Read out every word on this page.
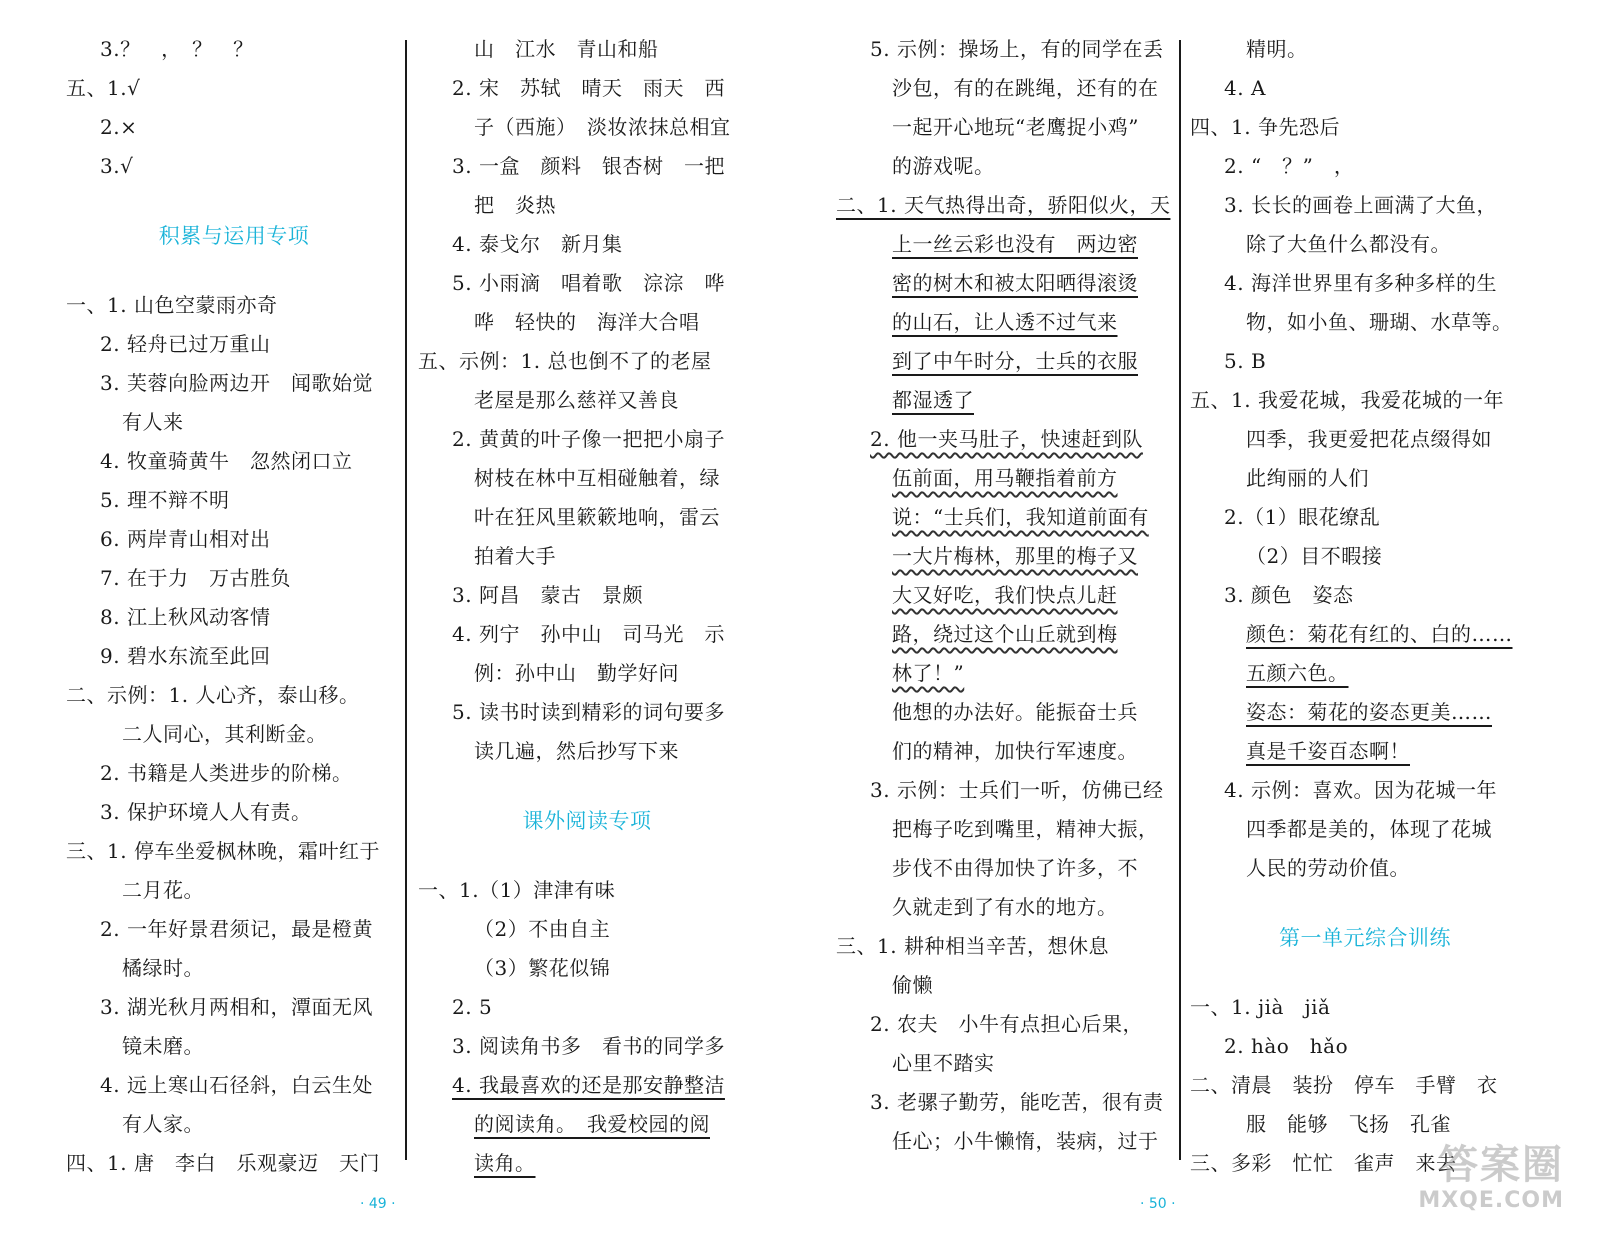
3.？　，　？　？
五、1.√
2.×
3.√
积累与运用专项
一、1. 山色空蒙雨亦奇
2. 轻舟已过万重山
3. 芙蓉向脸两边开　闻歌始觉
有人来
4. 牧童骑黄牛　忽然闭口立
5. 理不辩不明
6. 两岸青山相对出
7. 在于力　万古胜负
8. 江上秋风动客情
9. 碧水东流至此回
二、示例：1. 人心齐，泰山移。
二人同心，其利断金。
2. 书籍是人类进步的阶梯。
3. 保护环境人人有责。
三、1. 停车坐爱枫林晚，霜叶红于
二月花。
2. 一年好景君须记，最是橙黄
橘绿时。
3. 湖光秋月两相和，潭面无风
镜未磨。
4. 远上寒山石径斜，白云生处
有人家。
四、1. 唐　李白　乐观豪迈　天门
山　江水　青山和船
2. 宋　苏轼　晴天　雨天　西
子（西施）　淡妆浓抹总相宜
3. 一盒　颜料　银杏树　一把
把　炎热
4. 泰戈尔　新月集
5. 小雨滴　唱着歌　淙淙　哗
哗　轻快的　海洋大合唱
五、示例：1. 总也倒不了的老屋
老屋是那么慈祥又善良
2. 黄黄的叶子像一把把小扇子
树枝在林中互相碰触着，绿
叶在狂风里簌簌地响，雷云
拍着大手
3. 阿昌　蒙古　景颇
4. 列宁　孙中山　司马光　示
例：孙中山　勤学好问
5. 读书时读到精彩的词句要多
读几遍，然后抄写下来
课外阅读专项
一、1.（1）津津有味
（2）不由自主
（3）繁花似锦
2. 5
3. 阅读角书多　看书的同学多
4. 我最喜欢的还是那安静整洁
的阅读角。　我爱校园的阅
读角。
5. 示例：操场上，有的同学在丢
沙包，有的在跳绳，还有的在
一起开心地玩“老鹰捉小鸡”
的游戏呢。
二、1. 天气热得出奇，骄阳似火，天
上一丝云彩也没有　两边密
密的树木和被太阳晒得滚烫
的山石，让人透不过气来
到了中午时分，士兵的衣服
都湿透了
2. 他一夹马肚子，快速赶到队
伍前面，用马鞭指着前方
说：“士兵们，我知道前面有
一大片梅林，那里的梅子又
大又好吃，我们快点儿赶
路，绕过这个山丘就到梅
林了！”
他想的办法好。能振奋士兵
们的精神，加快行军速度。
3. 示例：士兵们一听，仿佛已经
把梅子吃到嘴里，精神大振，
步伐不由得加快了许多，不
久就走到了有水的地方。
三、1. 耕种相当辛苦，想休息
偷懒
2. 农夫　小牛有点担心后果，
心里不踏实
3. 老骡子勤劳，能吃苦，很有责
任心；小牛懒惰，装病，过于
精明。
4. A
四、1. 争先恐后
2. “　？”　，
3. 长长的画卷上画满了大鱼，
除了大鱼什么都没有。
4. 海洋世界里有多种多样的生
物，如小鱼、珊瑚、水草等。
5. B
五、1. 我爱花城，我爱花城的一年
四季，我更爱把花点缀得如
此绚丽的人们
2.（1）眼花缭乱
（2）目不暇接
3. 颜色　姿态
颜色：菊花有红的、白的……
五颜六色。
姿态：菊花的姿态更美……
真是千姿百态啊！
4. 示例：喜欢。因为花城一年
四季都是美的，体现了花城
人民的劳动价值。
第一单元综合训练
一、1. jià　jiǎ
2. hào　hǎo
二、清晨　装扮　停车　手臂　衣
服　能够　飞扬　孔雀
三、多彩　忙忙　雀声　来去
· 49 ·	· 50 ·
答案圈
MXQE.COM
